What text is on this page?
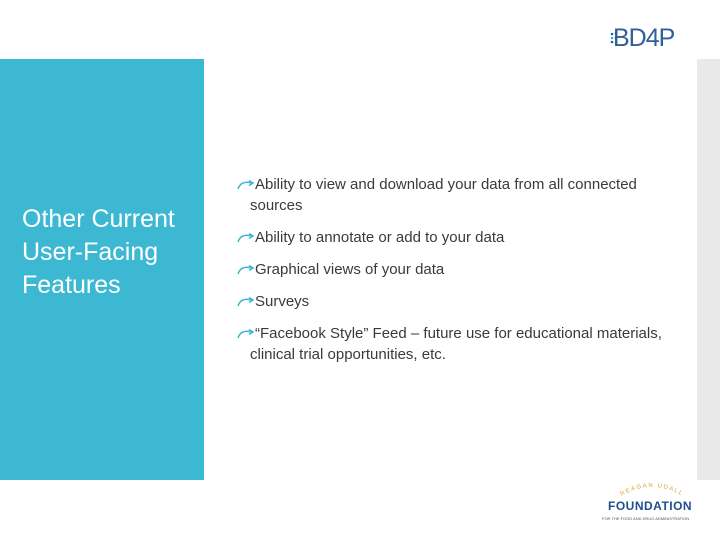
Other Current User-Facing Features
BD4P
Ability to view and download your data from all connected sources
Ability to annotate or add to your data
Graphical views of your data
Surveys
“Facebook Style” Feed – future use for educational materials, clinical trial opportunities, etc.
REAGAN UDALL
FOUNDATION
FOR THE FOOD AND DRUG ADMINISTRATION
